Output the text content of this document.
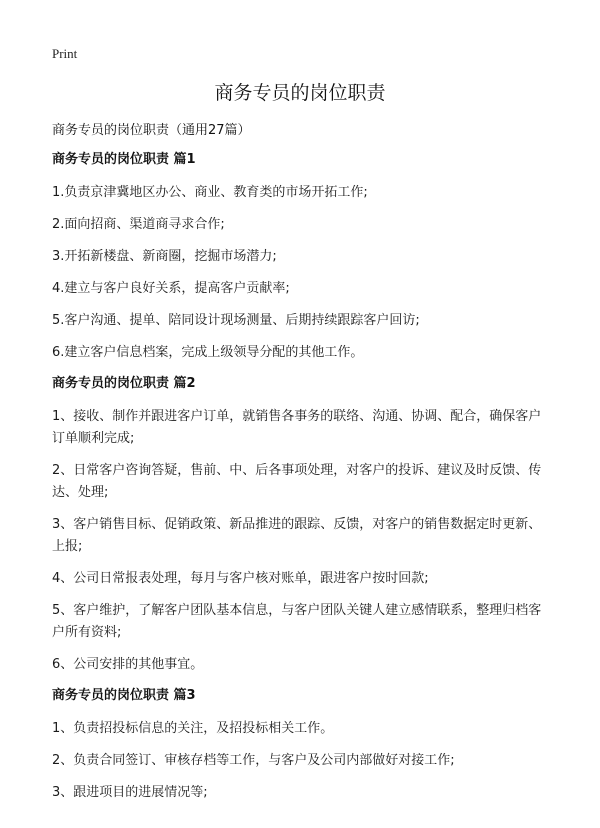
Print
商务专员的岗位职责
商务专员的岗位职责（通用27篇）
商务专员的岗位职责 篇1
1.负责京津冀地区办公、商业、教育类的市场开拓工作;
2.面向招商、渠道商寻求合作;
3.开拓新楼盘、新商圈，挖掘市场潜力;
4.建立与客户良好关系，提高客户贡献率;
5.客户沟通、提单、陪同设计现场测量、后期持续跟踪客户回访;
6.建立客户信息档案，完成上级领导分配的其他工作。
商务专员的岗位职责 篇2
1、接收、制作并跟进客户订单，就销售各事务的联络、沟通、协调、配合，确保客户订单顺利完成;
2、日常客户咨询答疑，售前、中、后各事项处理，对客户的投诉、建议及时反馈、传达、处理;
3、客户销售目标、促销政策、新品推进的跟踪、反馈，对客户的销售数据定时更新、上报;
4、公司日常报表处理，每月与客户核对账单，跟进客户按时回款;
5、客户维护，了解客户团队基本信息，与客户团队关键人建立感情联系，整理归档客户所有资料;
6、公司安排的其他事宜。
商务专员的岗位职责 篇3
1、负责招投标信息的关注，及招投标相关工作。
2、负责合同签订、审核存档等工作，与客户及公司内部做好对接工作;
3、跟进项目的进展情况等;
